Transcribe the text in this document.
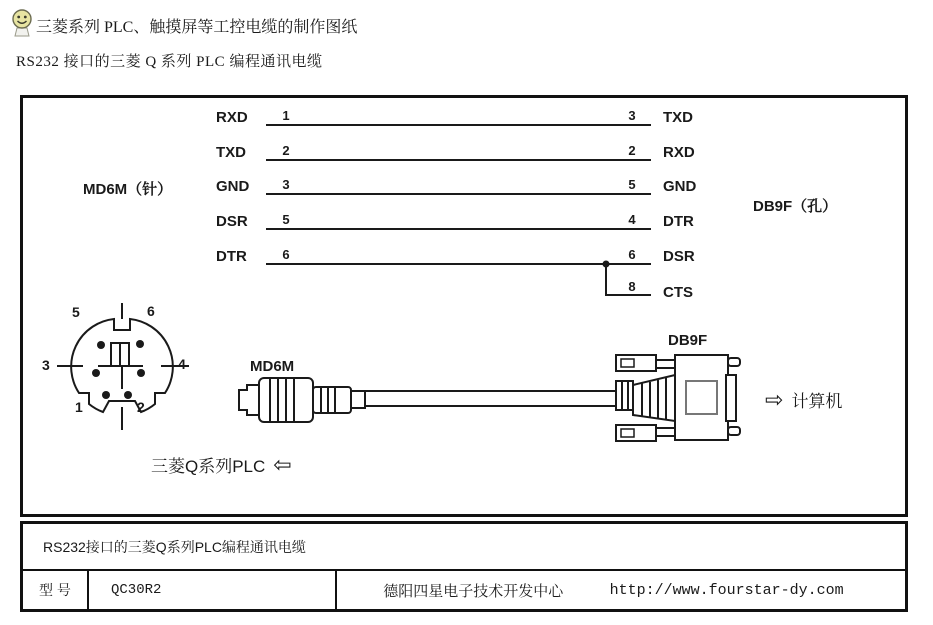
三菱系列 PLC、触摸屏等工控电缆的制作图纸
RS232 接口的三菱 Q 系列 PLC 编程通讯电缆
MD6M（针）
DB9F（孔）
RXD	1	3	TXD
TXD	2	2	RXD
GND	3	5	GND
DSR	5	4	DTR
DTR	6	6	DSR
8	CTS
5	6
3	4
1	2
MD6M
DB9F
三菱Q系列PLC ⇦
⇨ 计算机
RS232接口的三菱Q系列PLC编程通讯电缆
型 号	QC30R2	德阳四星电子技术开发中心	http://www.fourstar-dy.com
